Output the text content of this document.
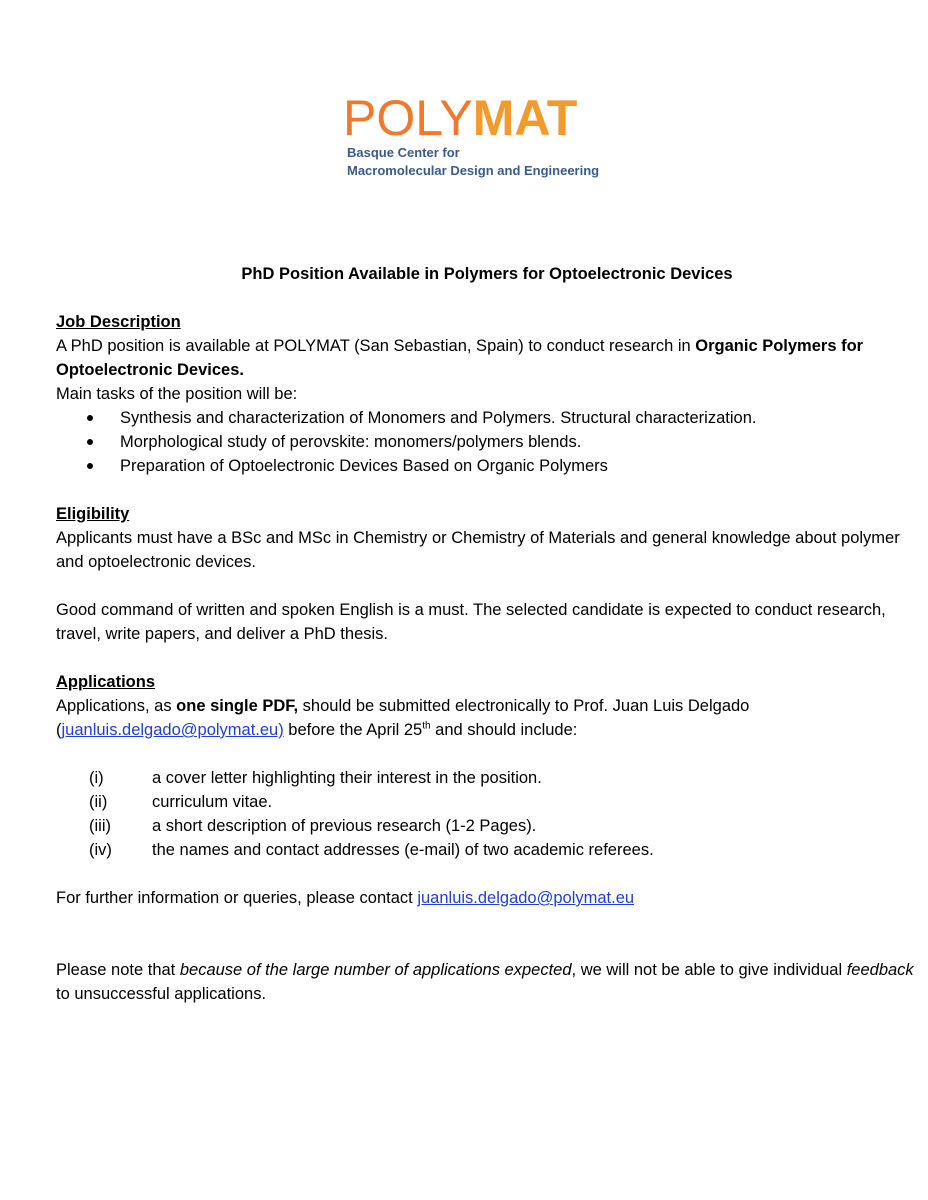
POLYMAT
Basque Center for
Macromolecular Design and Engineering
PhD Position Available in Polymers for Optoelectronic Devices
Job Description

A PhD position is available at POLYMAT (San Sebastian, Spain) to conduct research in Organic Polymers for Optoelectronic Devices.

Main tasks of the position will be:

Synthesis and characterization of Monomers and Polymers. Structural characterization.
Morphological study of perovskite: monomers/polymers blends.
Preparation of Optoelectronic Devices Based on Organic Polymers
Eligibility

Applicants must have a BSc and MSc in Chemistry or Chemistry of Materials and general knowledge about polymer and optoelectronic devices.

Good command of written and spoken English is a must. The selected candidate is expected to conduct research, travel, write papers, and deliver a PhD thesis.

Applications

Applications, as one single PDF, should be submitted electronically to Prof. Juan Luis Delgado
(juanluis.delgado@polymat.eu) before the April 25th and should include:

(i)	a cover letter highlighting their interest in the position.
(ii)	curriculum vitae.
(iii) a short description of previous research (1-2 Pages).
(iv) the names and contact addresses (e-mail) of two academic referees.

For further information or queries, please contact juanluis.delgado@polymat.eu

Please note that because of the large number of applications expected, we will not be able to give individual feedback to unsuccessful applications.
